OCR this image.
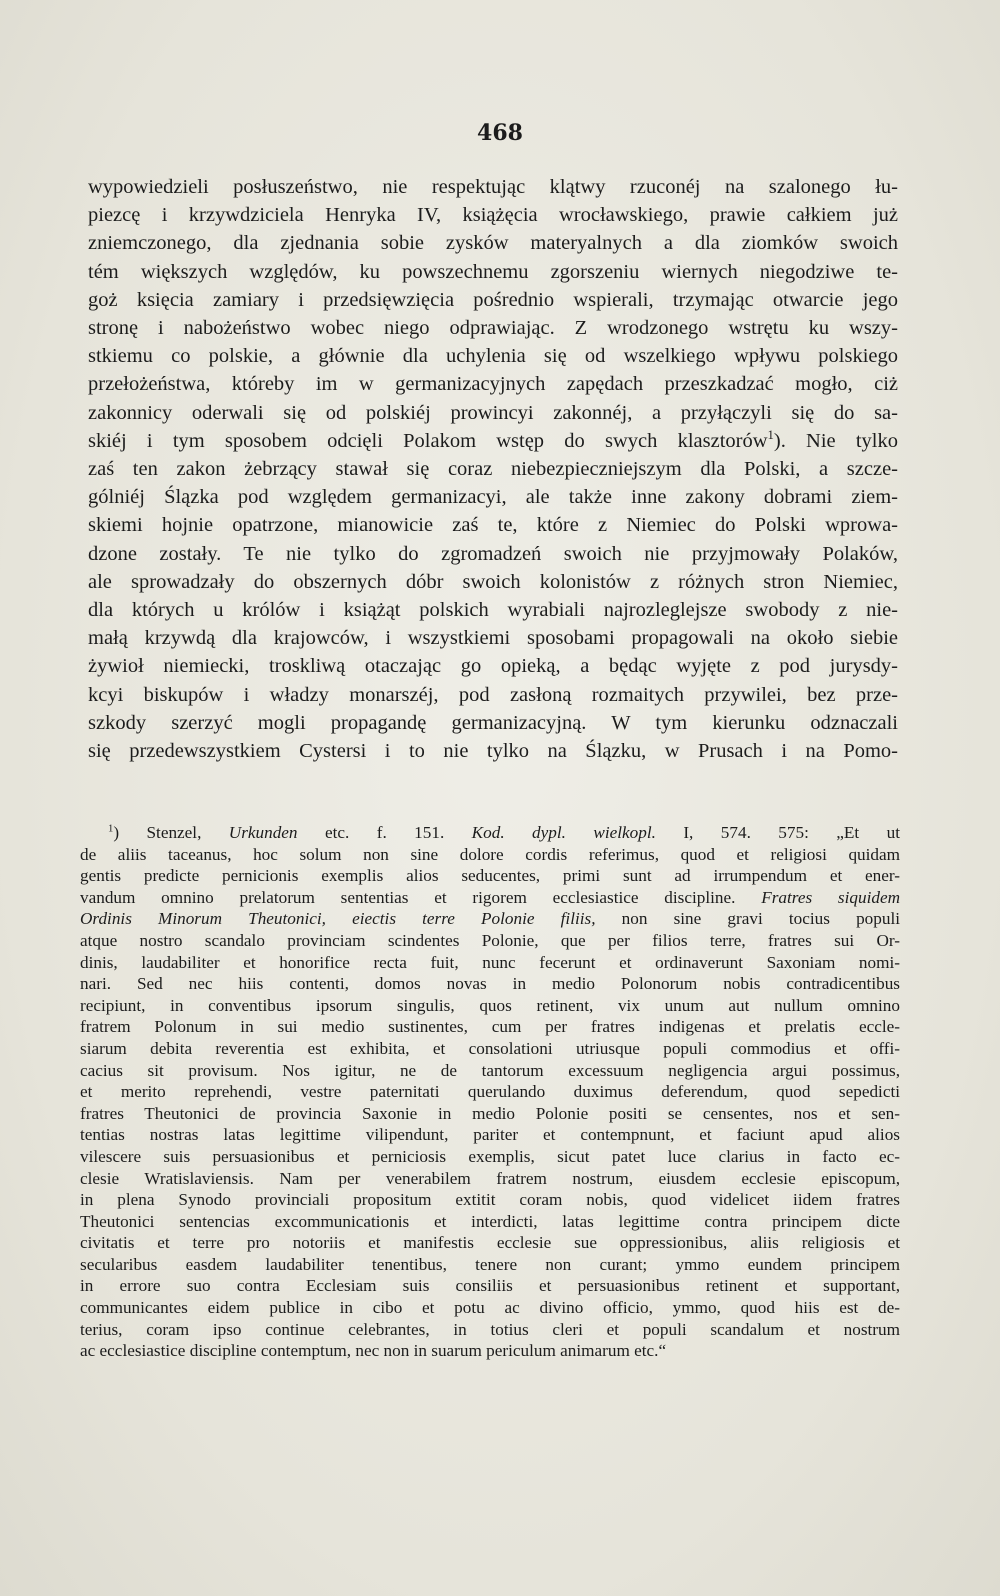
468
wypowiedzieli posłuszeństwo, nie respektując klątwy rzuconéj na szalonego łu-
piezcę i krzywdziciela Henryka IV, książęcia wrocławskiego, prawie całkiem już
zniemczonego, dla zjednania sobie zysków materyalnych a dla ziomków swoich
tém większych względów, ku powszechnemu zgorszeniu wiernych niegodziwe te-
goż księcia zamiary i przedsięwzięcia pośrednio wspierali, trzymając otwarcie jego
stronę i nabożeństwo wobec niego odprawiając. Z wrodzonego wstrętu ku wszy-
stkiemu co polskie, a głównie dla uchylenia się od wszelkiego wpływu polskiego
przełożeństwa, któreby im w germanizacyjnych zapędach przeszkadzać mogło, ciż
zakonnicy oderwali się od polskiéj prowincyi zakonnéj, a przyłączyli się do sa-
skiéj i tym sposobem odcięli Polakom wstęp do swych klasztorów$^1$). Nie tylko
zaś ten zakon żebrzący stawał się coraz niebezpieczniejszym dla Polski, a szcze-
gólniéj Ślązka pod względem germanizacyi, ale także inne zakony dobrami ziem-
skiemi hojnie opatrzone, mianowicie zaś te, które z Niemiec do Polski wprowa-
dzone zostały. Te nie tylko do zgromadzeń swoich nie przyjmowały Polaków,
ale sprowadzały do obszernych dóbr swoich kolonistów z różnych stron Niemiec,
dla których u królów i książąt polskich wyrabiali najrozleglejsze swobody z nie-
małą krzywdą dla krajowców, i wszystkiemi sposobami propagowali na około siebie
żywioł niemiecki, troskliwą otaczając go opieką, a będąc wyjęte z pod jurysdy-
kcyi biskupów i władzy monarszéj, pod zasłoną rozmaitych przywilei, bez prze-
szkody szerzyć mogli propagandę germanizacyjną. W tym kierunku odznaczali
się przedewszystkiem Cystersi i to nie tylko na Ślązku, w Prusach i na Pomo-
$^1$) Stenzel, Urkunden etc. f. 151. Kod. dypl. wielkopl. I, 574. 575: „Et ut
de aliis taceanus, hoc solum non sine dolore cordis referimus, quod et religiosi quidam
gentis predicte pernicionis exemplis alios seducentes, primi sunt ad irrumpendum et ener-
vandum omnino prelatorum sententias et rigorem ecclesiastice discipline. Fratres siquidem
Ordinis Minorum Theutonici, eiectis terre Polonie filiis, non sine gravi tocius populi
atque nostro scandalo provinciam scindentes Polonie, que per filios terre, fratres sui Or-
dinis, laudabiliter et honorifice recta fuit, nunc fecerunt et ordinaverunt Saxoniam nomi-
nari. Sed nec hiis contenti, domos novas in medio Polonorum nobis contradicentibus
recipiunt, in conventibus ipsorum singulis, quos retinent, vix unum aut nullum omnino
fratrem Polonum in sui medio sustinentes, cum per fratres indigenas et prelatis eccle-
siarum debita reverentia est exhibita, et consolationi utriusque populi commodius et offi-
cacius sit provisum. Nos igitur, ne de tantorum excessuum negligencia argui possimus,
et merito reprehendi, vestre paternitati querulando duximus deferendum, quod sepedicti
fratres Theutonici de provincia Saxonie in medio Polonie positi se censentes, nos et sen-
tentias nostras latas legittime vilipendunt, pariter et contempnunt, et faciunt apud alios
vilescere suis persuasionibus et perniciosis exemplis, sicut patet luce clarius in facto ec-
clesie Wratislaviensis. Nam per venerabilem fratrem nostrum, eiusdem ecclesie episcopum,
in plena Synodo provinciali propositum extitit coram nobis, quod videlicet iidem fratres
Theutonici sentencias excommunicationis et interdicti, latas legittime contra principem dicte
civitatis et terre pro notoriis et manifestis ecclesie sue oppressionibus, aliis religiosis et
secularibus easdem laudabiliter tenentibus, tenere non curant; ymmo eundem principem
in errore suo contra Ecclesiam suis consiliis et persuasionibus retinent et supportant,
communicantes eidem publice in cibo et potu ac divino officio, ymmo, quod hiis est de-
terius, coram ipso continue celebrantes, in totius cleri et populi scandalum et nostrum
ac ecclesiastice discipline contemptum, nec non in suarum periculum animarum etc.“
